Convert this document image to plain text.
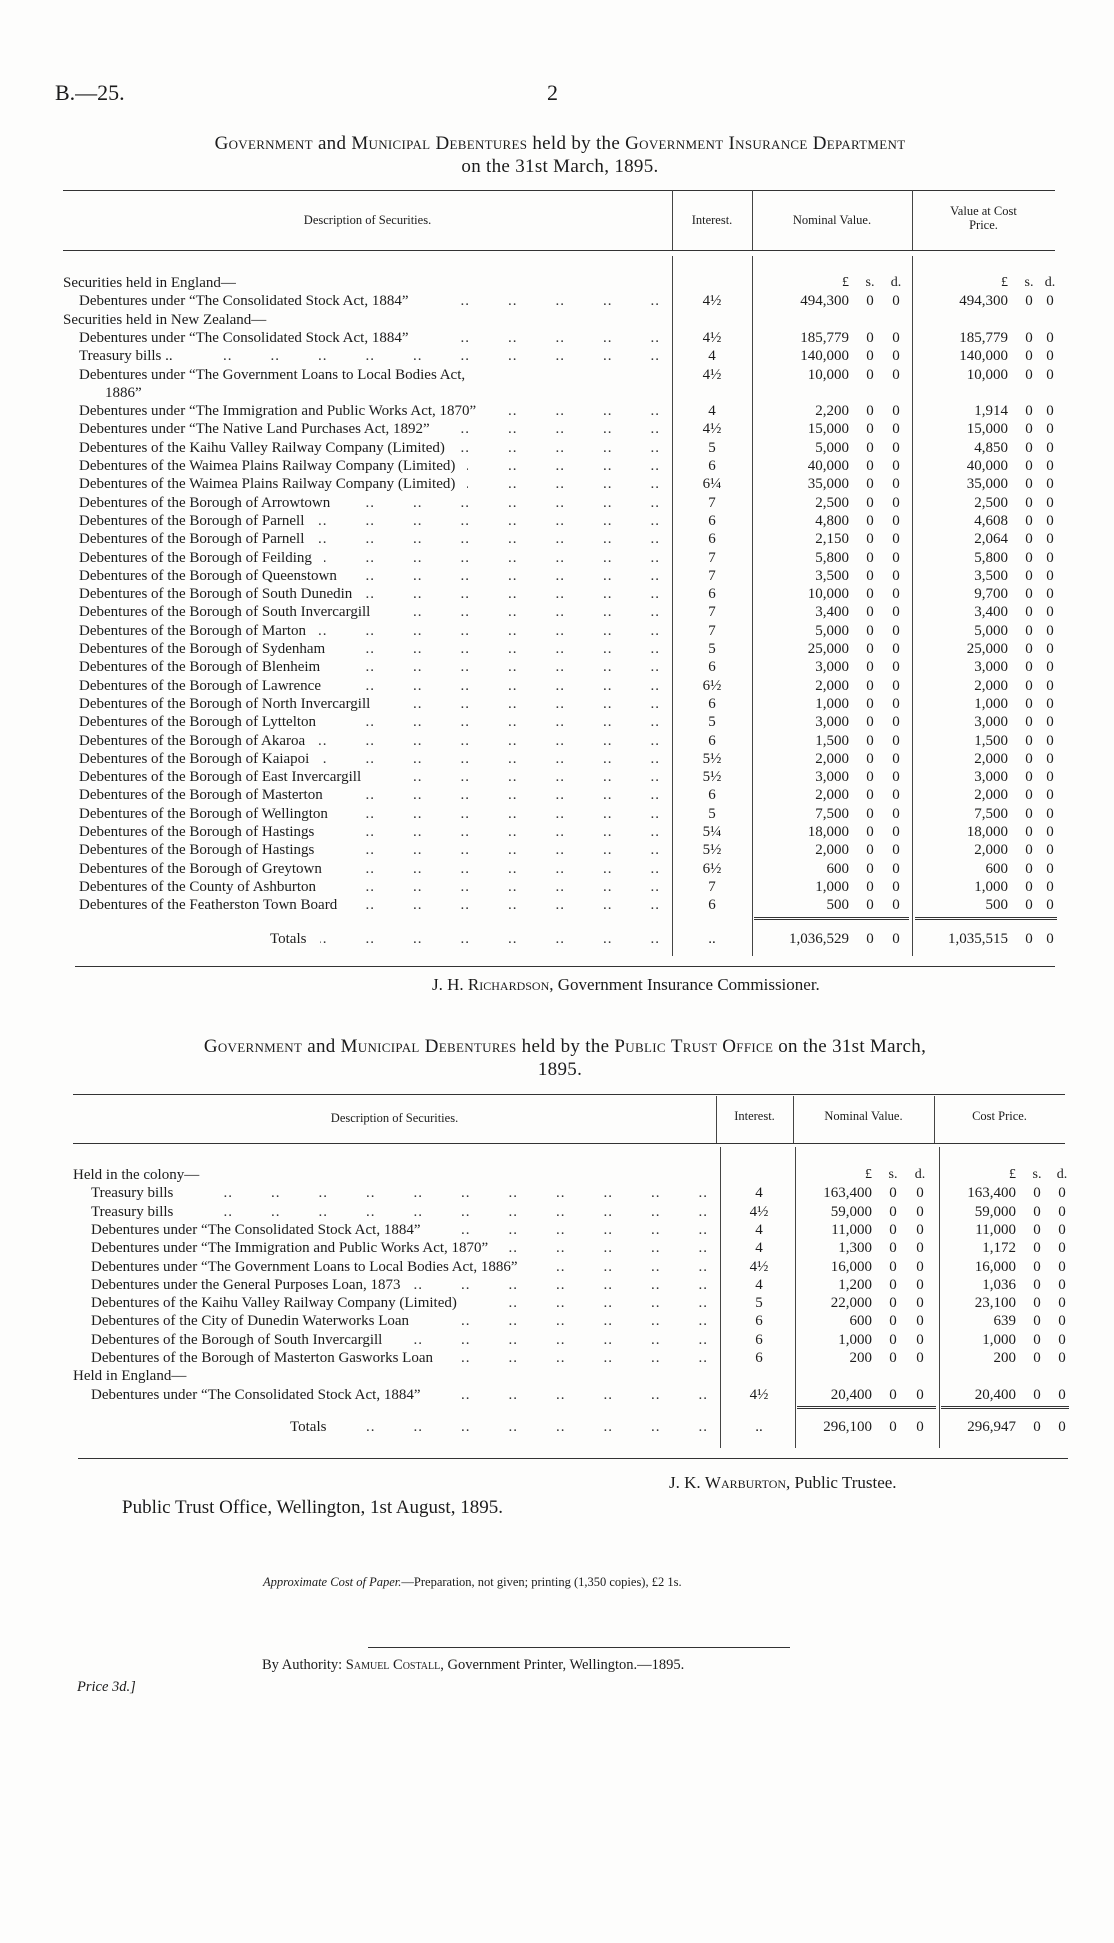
B.—25.	2
Government and Municipal Debentures held by the Government Insurance Department
on the 31st March, 1895.
Description of Securities.	Interest.	Nominal Value.
Value at Cost
Price.
Securities held in England—	£	s.	d.	£	s. d.
Debentures under “The Consolidated Stock Act, 1884”	4½	494,300 0 0	494,300 0 0
..
Securities held in New Zealand—
Debentures under “The Consolidated Stock Act, 1884”	4½	185,779 0 0	185,779 0 0
..
Treasury bills ..	4	140,000 0 0	140,000 0 0
..
Debentures under “The Government Loans to Local Bodies Act,	4½	10,000 0 0	10,000 0 0
1886”
Debentures under “The Immigration and Public Works Act, 1870”	4	2,200 0 0	1,914 0 0
..
Debentures under “The Native Land Purchases Act, 1892”	4½	15,000 0 0	15,000 0 0
..
Debentures of the Kaihu Valley Railway Company (Limited)	5	5,000 0 0	4,850 0 0
..
Debentures of the Waimea Plains Railway Company (Limited)	6	40,000 0 0	40,000 0 0
..
Debentures of the Waimea Plains Railway Company (Limited)	6¼	35,000 0 0	35,000 0 0
..
Debentures of the Borough of Arrowtown	7	2,500 0 0	2,500 0 0
..
Debentures of the Borough of Parnell	6	4,800 0 0	4,608 0 0
..
Debentures of the Borough of Parnell	6	2,150 0 0	2,064 0 0
..
Debentures of the Borough of Feilding	7	5,800 0 0	5,800 0 0
..
Debentures of the Borough of Queenstown	7	3,500 0 0	3,500 0 0
..
Debentures of the Borough of South Dunedin	6	10,000 0 0	9,700 0 0
..
Debentures of the Borough of South Invercargill	7	3,400 0 0	3,400 0 0
..
Debentures of the Borough of Marton	7	5,000 0 0	5,000 0 0
..
Debentures of the Borough of Sydenham	5	25,000 0 0	25,000 0 0
..
Debentures of the Borough of Blenheim	6	3,000 0 0	3,000 0 0
..
Debentures of the Borough of Lawrence	6½	2,000 0 0	2,000 0 0
..
Debentures of the Borough of North Invercargill	6	1,000 0 0	1,000 0 0
..
Debentures of the Borough of Lyttelton	5	3,000 0 0	3,000 0 0
..
Debentures of the Borough of Akaroa	6	1,500 0 0	1,500 0 0
..
Debentures of the Borough of Kaiapoi	5½	2,000 0 0	2,000 0 0
..
Debentures of the Borough of East Invercargill	5½	3,000 0 0	3,000 0 0
..
Debentures of the Borough of Masterton	6	2,000 0 0	2,000 0 0
..
Debentures of the Borough of Wellington	5	7,500 0 0	7,500 0 0
..
Debentures of the Borough of Hastings	5¼	18,000 0 0	18,000 0 0
..
Debentures of the Borough of Hastings	5½	2,000 0 0	2,000 0 0
..
Debentures of the Borough of Greytown	6½	600 0 0	600 0 0
..
Debentures of the County of Ashburton	7	1,000 0 0	1,000 0 0
..
Debentures of the Featherston Town Board	6	500 0 0	500 0 0
..
Totals ..	..	1,036,529 0 0	1,035,515 0 0
J. H. Richardson, Government Insurance Commissioner.
Government and Municipal Debentures held by the Public Trust Office on the 31st March,
1895.
Description of Securities.	Interest.	Nominal Value.	Cost Price.
Held in the colony—	£	s.	d.	£	s.	d.
Treasury bills	4	163,400 0 0	163,400 0 0
..
Treasury bills	4½	59,000 0 0	59,000 0 0
..
Debentures under “The Consolidated Stock Act, 1884”	4	11,000 0 0	11,000 0 0
..
Debentures under “The Immigration and Public Works Act, 1870”	4	1,300 0 0	1,172 0 0
..
Debentures under “The Government Loans to Local Bodies Act, 1886”	4½	16,000 0 0	16,000 0 0
..
Debentures under the General Purposes Loan, 1873	4	1,200 0 0	1,036 0 0
..
Debentures of the Kaihu Valley Railway Company (Limited)	5	22,000 0 0	23,100 0 0
..
Debentures of the City of Dunedin Waterworks Loan	6	600 0 0	639 0 0
..
Debentures of the Borough of South Invercargill	6	1,000 0 0	1,000 0 0
..
Debentures of the Borough of Masterton Gasworks Loan	6	200 0 0	200 0 0
..
Held in England—
Debentures under “The Consolidated Stock Act, 1884”	4½	20,400 0 0	20,400 0 0
..
Totals ..	..	296,100 0 0	296,947 0 0
J. K. Warburton, Public Trustee.
Public Trust Office, Wellington, 1st August, 1895.
Approximate Cost of Paper.—Preparation, not given; printing (1,350 copies), £2 1s.
By Authority: Samuel Costall, Government Printer, Wellington.—1895.
Price 3d.]
